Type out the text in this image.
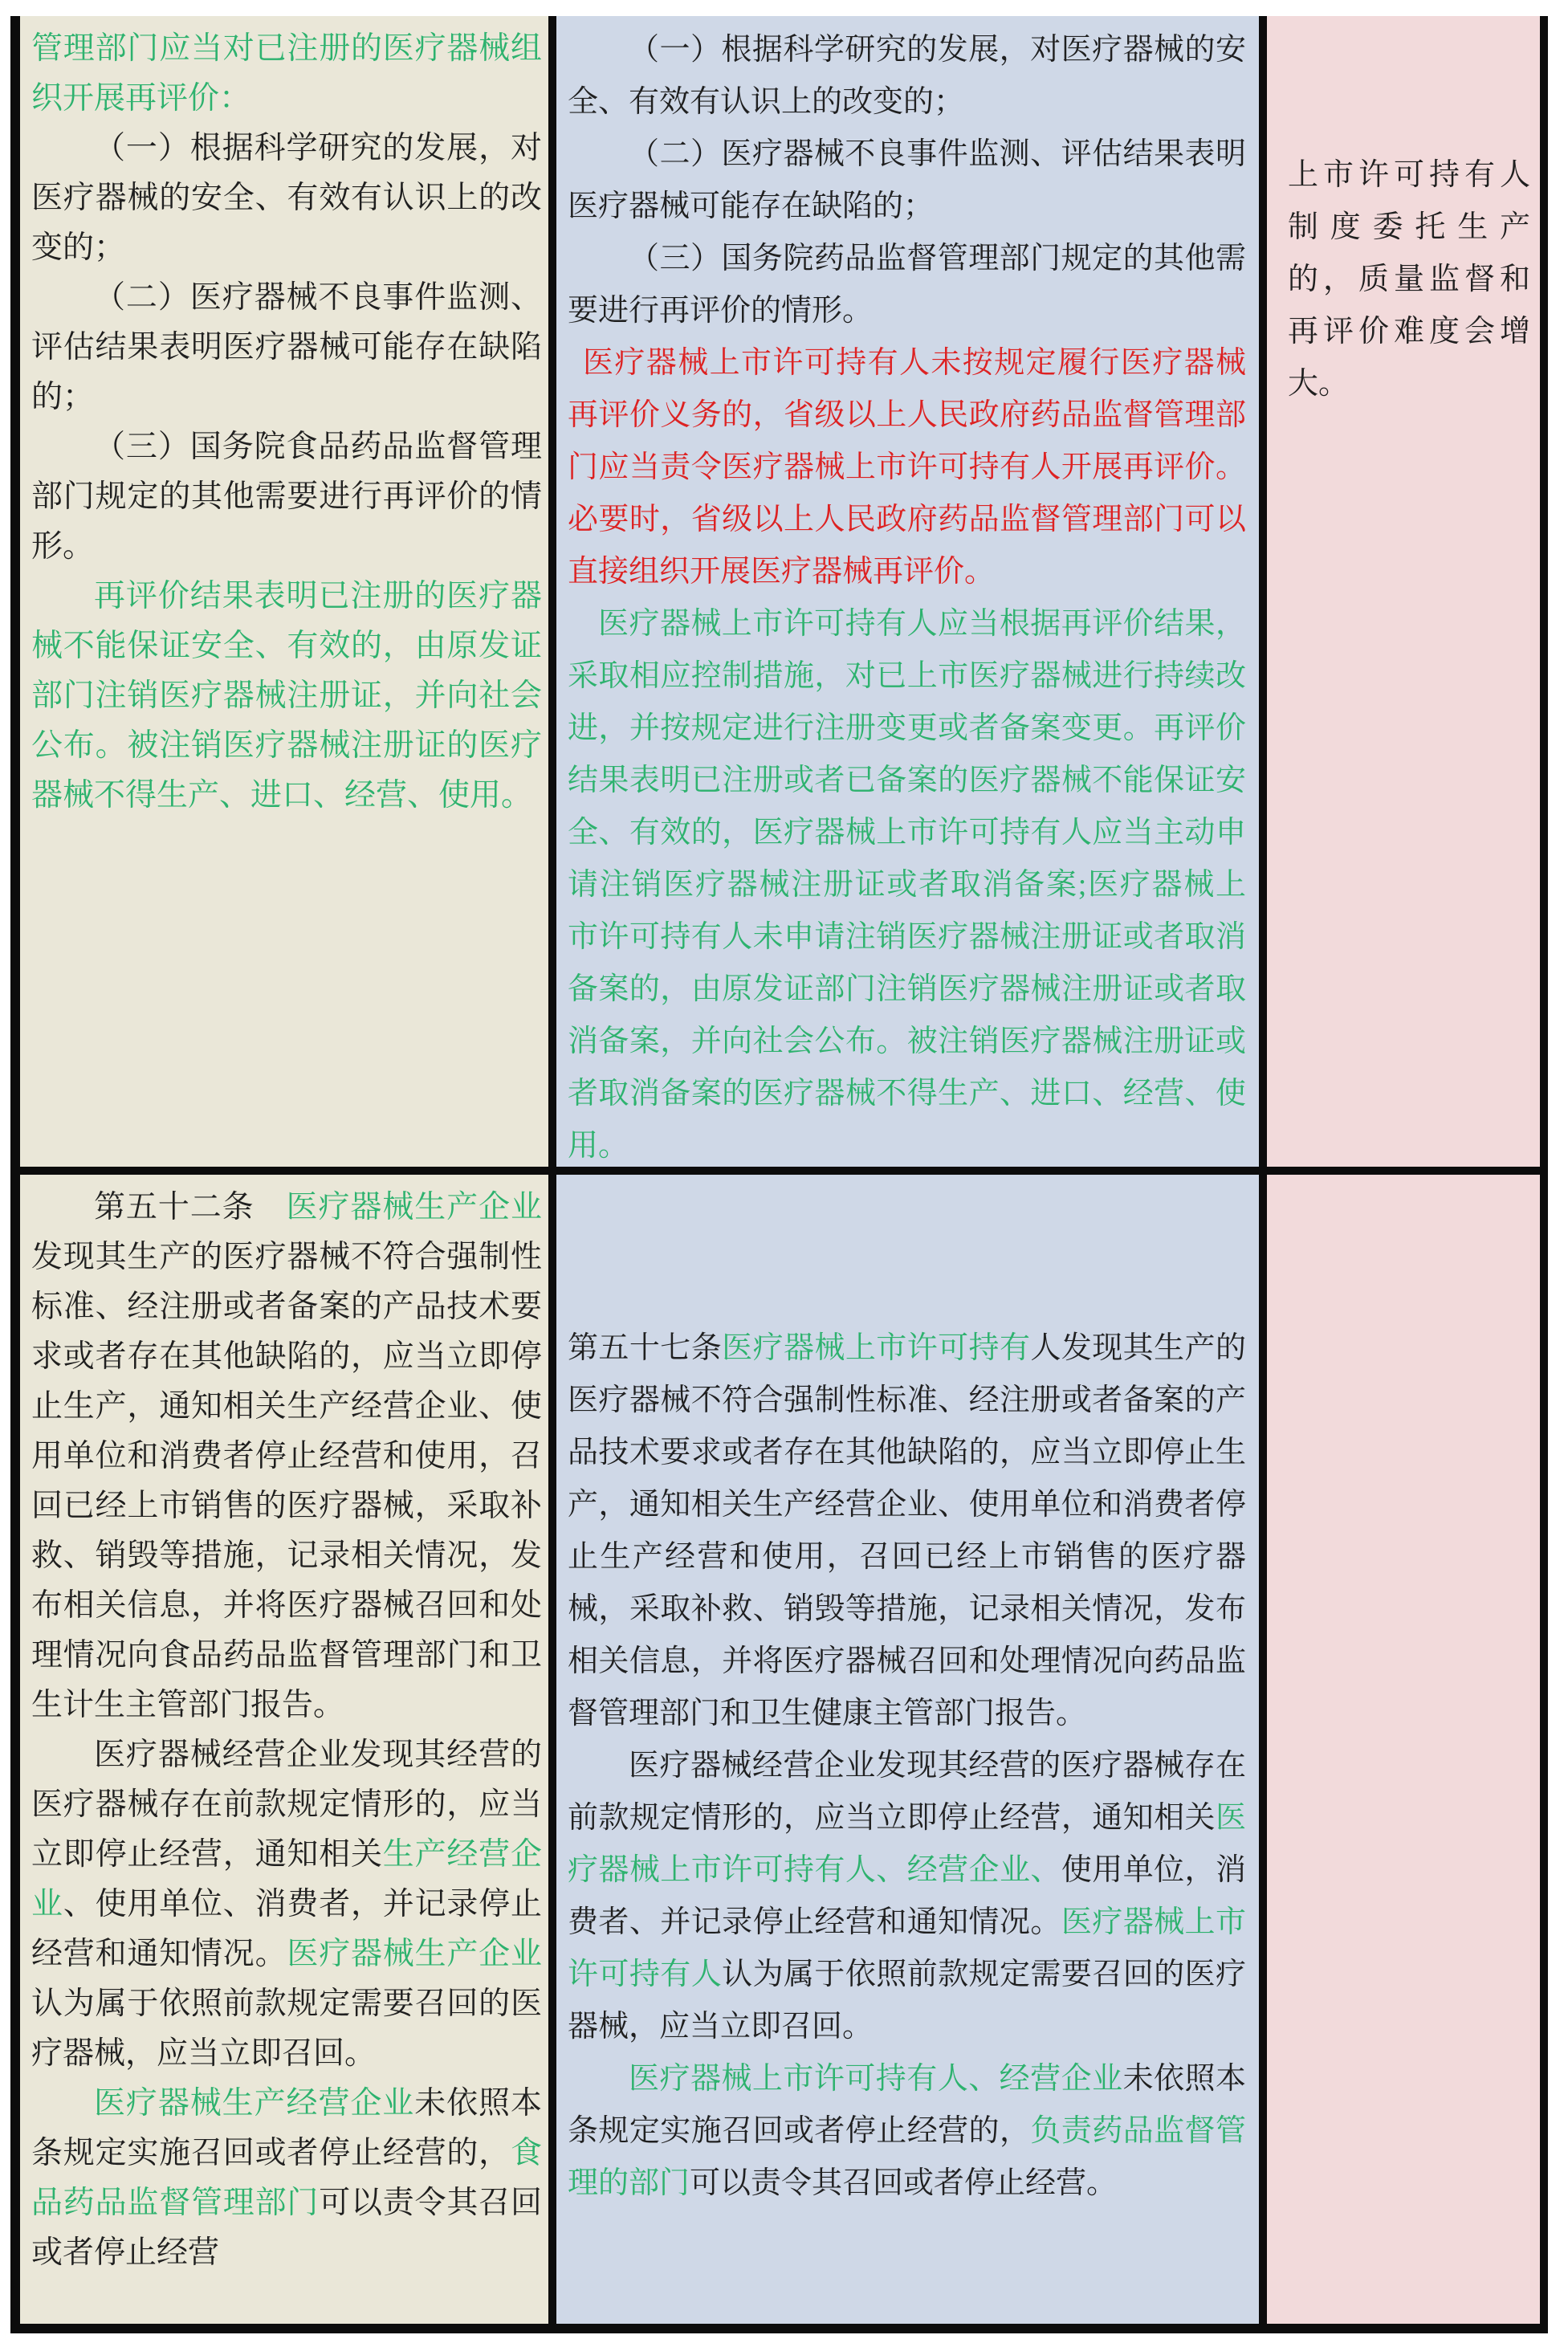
管理部门应当对已注册的医疗器械组织开展再评价：

（一）根据科学研究的发展，对医疗器械的安全、有效有认识上的改变的；

（二）医疗器械不良事件监测、评估结果表明医疗器械可能存在缺陷的；

（三）国务院食品药品监督管理部门规定的其他需要进行再评价的情形。

再评价结果表明已注册的医疗器械不能保证安全、有效的，由原发证部门注销医疗器械注册证，并向社会公布。被注销医疗器械注册证的医疗器械不得生产、进口、经营、使用。

（一）根据科学研究的发展，对医疗器械的安全、有效有认识上的改变的；

（二）医疗器械不良事件监测、评估结果表明医疗器械可能存在缺陷的；

（三）国务院药品监督管理部门规定的其他需要进行再评价的情形。

医疗器械上市许可持有人未按规定履行医疗器械再评价义务的，省级以上人民政府药品监督管理部门应当责令医疗器械上市许可持有人开展再评价。必要时，省级以上人民政府药品监督管理部门可以直接组织开展医疗器械再评价。

医疗器械上市许可持有人应当根据再评价结果，采取相应控制措施，对已上市医疗器械进行持续改进，并按规定进行注册变更或者备案变更。再评价结果表明已注册或者已备案的医疗器械不能保证安全、有效的，医疗器械上市许可持有人应当主动申请注销医疗器械注册证或者取消备案;医疗器械上市许可持有人未申请注销医疗器械注册证或者取消备案的，由原发证部门注销医疗器械注册证或者取消备案，并向社会公布。被注销医疗器械注册证或者取消备案的医疗器械不得生产、进口、经营、使用。

上市许可持有人制度委托生产的，质量监督和再评价难度会增大。

第五十二条　医疗器械生产企业发现其生产的医疗器械不符合强制性标准、经注册或者备案的产品技术要求或者存在其他缺陷的，应当立即停止生产，通知相关生产经营企业、使用单位和消费者停止经营和使用，召回已经上市销售的医疗器械，采取补救、销毁等措施，记录相关情况，发布相关信息，并将医疗器械召回和处理情况向食品药品监督管理部门和卫生计生主管部门报告。

医疗器械经营企业发现其经营的医疗器械存在前款规定情形的，应当立即停止经营，通知相关生产经营企业、使用单位、消费者，并记录停止经营和通知情况。医疗器械生产企业认为属于依照前款规定需要召回的医疗器械，应当立即召回。

医疗器械生产经营企业未依照本条规定实施召回或者停止经营的，食品药品监督管理部门可以责令其召回或者停止经营

第五十七条医疗器械上市许可持有人发现其生产的医疗器械不符合强制性标准、经注册或者备案的产品技术要求或者存在其他缺陷的，应当立即停止生产，通知相关生产经营企业、使用单位和消费者停止生产经营和使用，召回已经上市销售的医疗器械，采取补救、销毁等措施，记录相关情况，发布相关信息，并将医疗器械召回和处理情况向药品监督管理部门和卫生健康主管部门报告。

医疗器械经营企业发现其经营的医疗器械存在前款规定情形的，应当立即停止经营，通知相关医疗器械上市许可持有人、经营企业、使用单位，消费者、并记录停止经营和通知情况。医疗器械上市许可持有人认为属于依照前款规定需要召回的医疗器械，应当立即召回。

医疗器械上市许可持有人、经营企业未依照本条规定实施召回或者停止经营的，负责药品监督管理的部门可以责令其召回或者停止经营。
